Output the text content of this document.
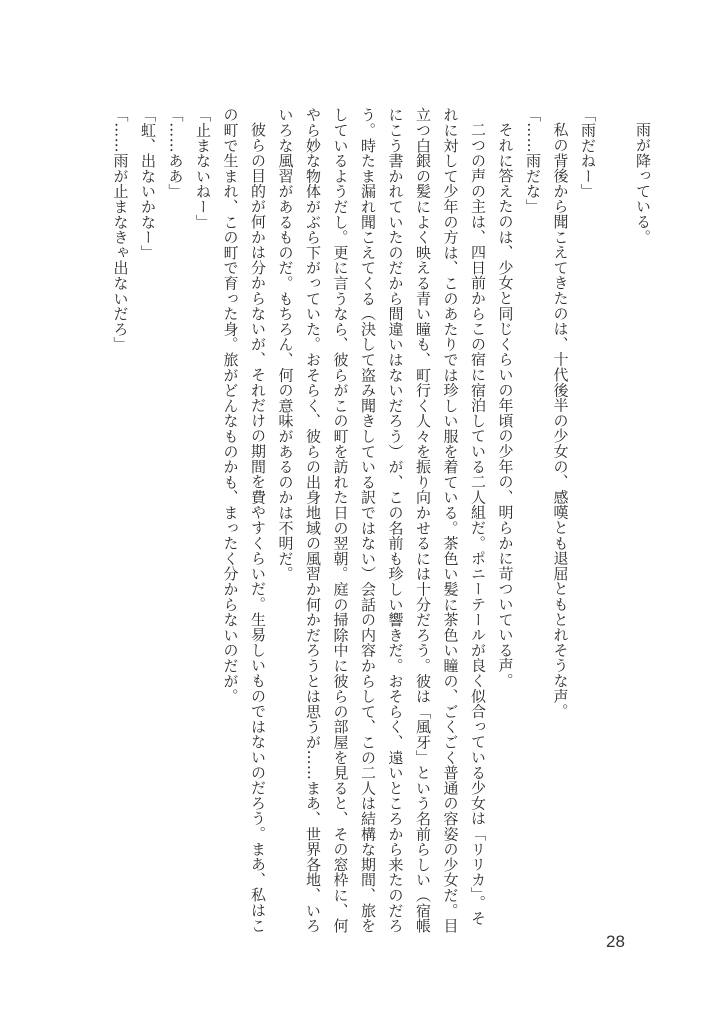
雨が降っている。

「雨だねー」

私の背後から聞こえてきたのは、十代後半の少女の、感嘆とも退屈ともとれそうな声。

「……雨だな」

それに答えたのは、少女と同じくらいの年頃の少年の、明らかに苛ついている声。

二つの声の主は、四日前からこの宿に宿泊している二人組だ。ポニーテールが良く似合っている少女は「リリカ」。それに対して少年の方は、このあたりでは珍しい服を着ている。茶色い髪に茶色い瞳の、ごくごく普通の容姿の少女だ。目立つ白銀の髪によく映える青い瞳も、町行く人々を振り向かせるには十分だろう。彼は「風牙」という名前らしい（宿帳にこう書かれていたのだから間違いはないだろう）が、この名前も珍しい響きだ。おそらく、遠いところから来たのだろう。時たま漏れ聞こえてくる（決して盗み聞きしている訳ではない）会話の内容からして、この二人は結構な期間、旅をしているようだし。更に言うなら、彼らがこの町を訪れた日の翌朝。庭の掃除中に彼らの部屋を見ると、その窓枠に、何やら妙な物体がぶら下がっていた。おそらく、彼らの出身地域の風習か何かだろうとは思うが……まあ、世界各地、いろいろな風習があるものだ。もちろん、何の意味があるのかは不明だ。

彼らの目的が何かは分からないが、それだけの期間を費やすくらいだ。生易しいものではないのだろう。まあ、私はこの町で生まれ、この町で育った身。旅がどんなものかも、まったく分からないのだが。

「止まないねー」

「……ああ」

「虹、出ないかなー」

「……雨が止まなきゃ出ないだろ」

28
